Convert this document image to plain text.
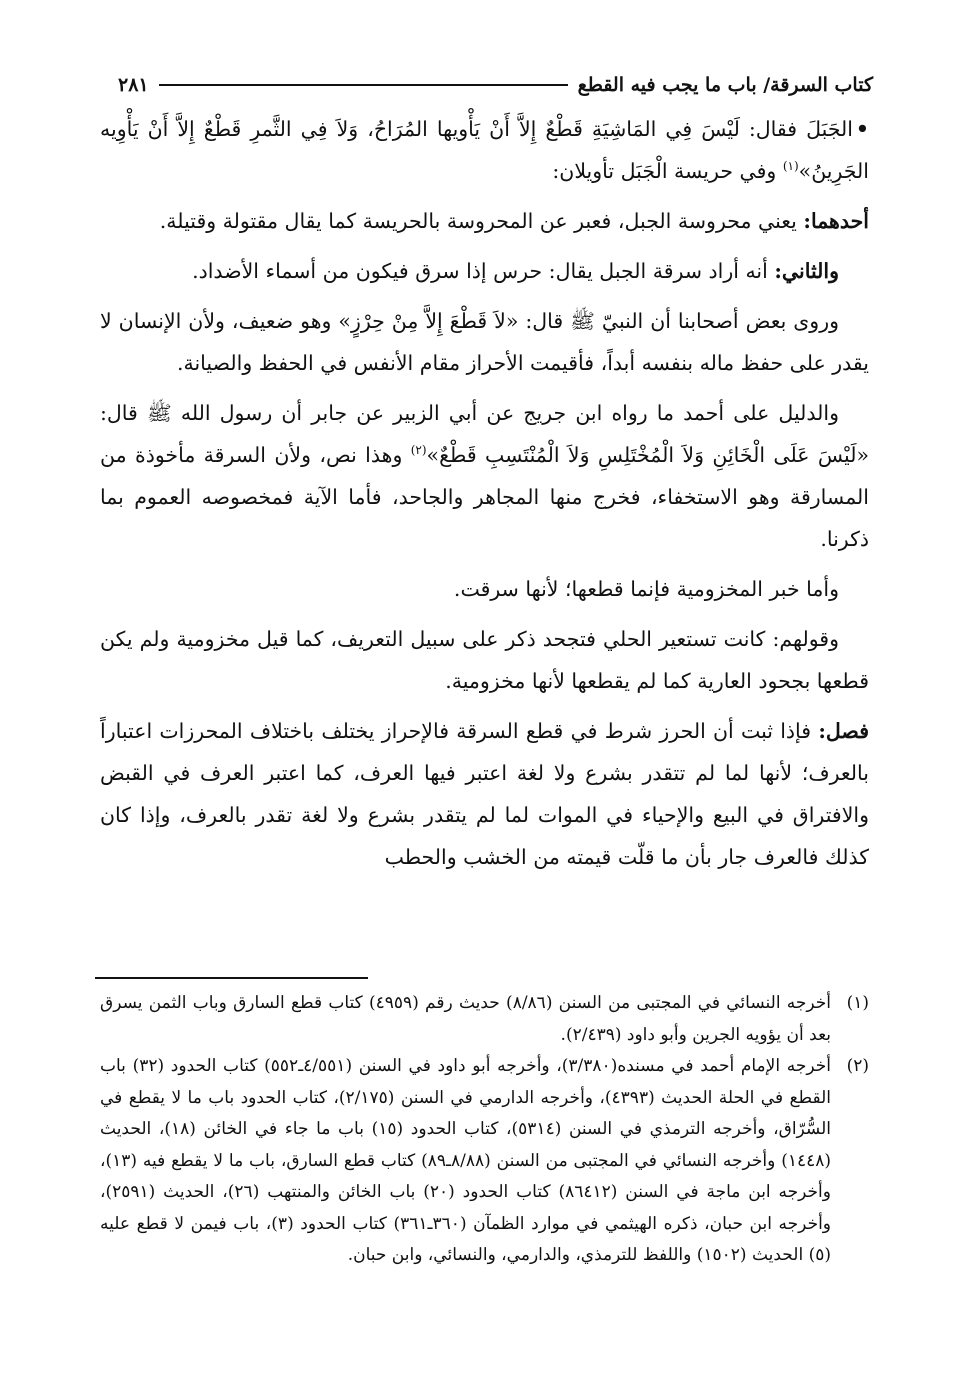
كتاب السرقة/ باب ما يجب فيه القطع
٢٨١

•الجَبَلَ فقال: لَيْسَ فِي المَاشِيَةِ قَطْعٌ إِلاَّ أَنْ يَأْويها المُرَاحُ، وَلاَ فِي الثَّمرِ قَطْعٌ إِلاَّ أَنْ يَأْوِيه الجَرِينُ»$^{(١)}$ وفي حريسة الْجَبَل تأويلان:

أحدهما: يعني محروسة الجبل، فعبر عن المحروسة بالحريسة كما يقال مقتولة وقتيلة.

والثاني: أنه أراد سرقة الجبل يقال: حرس إذا سرق فيكون من أسماء الأضداد.

وروى بعض أصحابنا أن النبيّ ﷺ قال: «لاَ قَطْعَ إِلاَّ مِنْ حِرْزٍ» وهو ضعيف، ولأن الإنسان لا يقدر على حفظ ماله بنفسه أبداً، فأقيمت الأحراز مقام الأنفس في الحفظ والصيانة.

والدليل على أحمد ما رواه ابن جريج عن أبي الزبير عن جابر أن رسول الله ﷺ قال: «لَيْسَ عَلَى الْخَائِنِ وَلاَ الْمُخْتَلِسِ وَلاَ الْمُنْتَسِبِ قَطْعٌ»$^{(٢)}$ وهذا نص، ولأن السرقة مأخوذة من المسارقة وهو الاستخفاء، فخرج منها المجاهر والجاحد، فأما الآية فمخصوصه العموم بما ذكرنا.

وأما خبر المخزومية فإنما قطعها؛ لأنها سرقت.

وقولهم: كانت تستعير الحلي فتجحد ذكر على سبيل التعريف، كما قيل مخزومية ولم يكن قطعها بجحود العارية كما لم يقطعها لأنها مخزومية.

فصل: فإذا ثبت أن الحرز شرط في قطع السرقة فالإحراز يختلف باختلاف المحرزات اعتباراً بالعرف؛ لأنها لما لم تتقدر بشرع ولا لغة اعتبر فيها العرف، كما اعتبر العرف في القبض والافتراق في البيع والإحياء في الموات لما لم يتقدر بشرع ولا لغة تقدر بالعرف، وإذا كان كذلك فالعرف جار بأن ما قلّت قيمته من الخشب والحطب

(١)
أخرجه النسائي في المجتبى من السنن (٨/٨٦) حديث رقم (٤٩٥٩) كتاب قطع السارق وباب الثمن يسرق بعد أن يؤويه الجرين وأبو داود (٢/٤٣٩).
(٢)
أخرجه الإمام أحمد في مسنده(٣/٣٨٠)، وأخرجه أبو داود في السنن (٤/٥٥١ـ٥٥٢) كتاب الحدود (٣٢) باب القطع في الحلة الحديث (٤٣٩٣)، وأخرجه الدارمي في السنن (٢/١٧٥)، كتاب الحدود باب ما لا يقطع في السُّرّاق، وأخرجه الترمذي في السنن (٥٣١٤)، كتاب الحدود (١٥) باب ما جاء في الخائن (١٨)، الحديث (١٤٤٨) وأخرجه النسائي في المجتبى من السنن (٨/٨٨ـ٨٩) كتاب قطع السارق، باب ما لا يقطع فيه (١٣)، وأخرجه ابن ماجة في السنن (٨٦٤١٢) كتاب الحدود (٢٠) باب الخائن والمنتهب (٢٦)، الحديث (٢٥٩١)، وأخرجه ابن حبان، ذكره الهيثمي في موارد الظمآن (٣٦٠ـ٣٦١) كتاب الحدود (٣)، باب فيمن لا قطع عليه (٥) الحديث (١٥٠٢) واللفظ للترمذي، والدارمي، والنسائي، وابن حبان.
